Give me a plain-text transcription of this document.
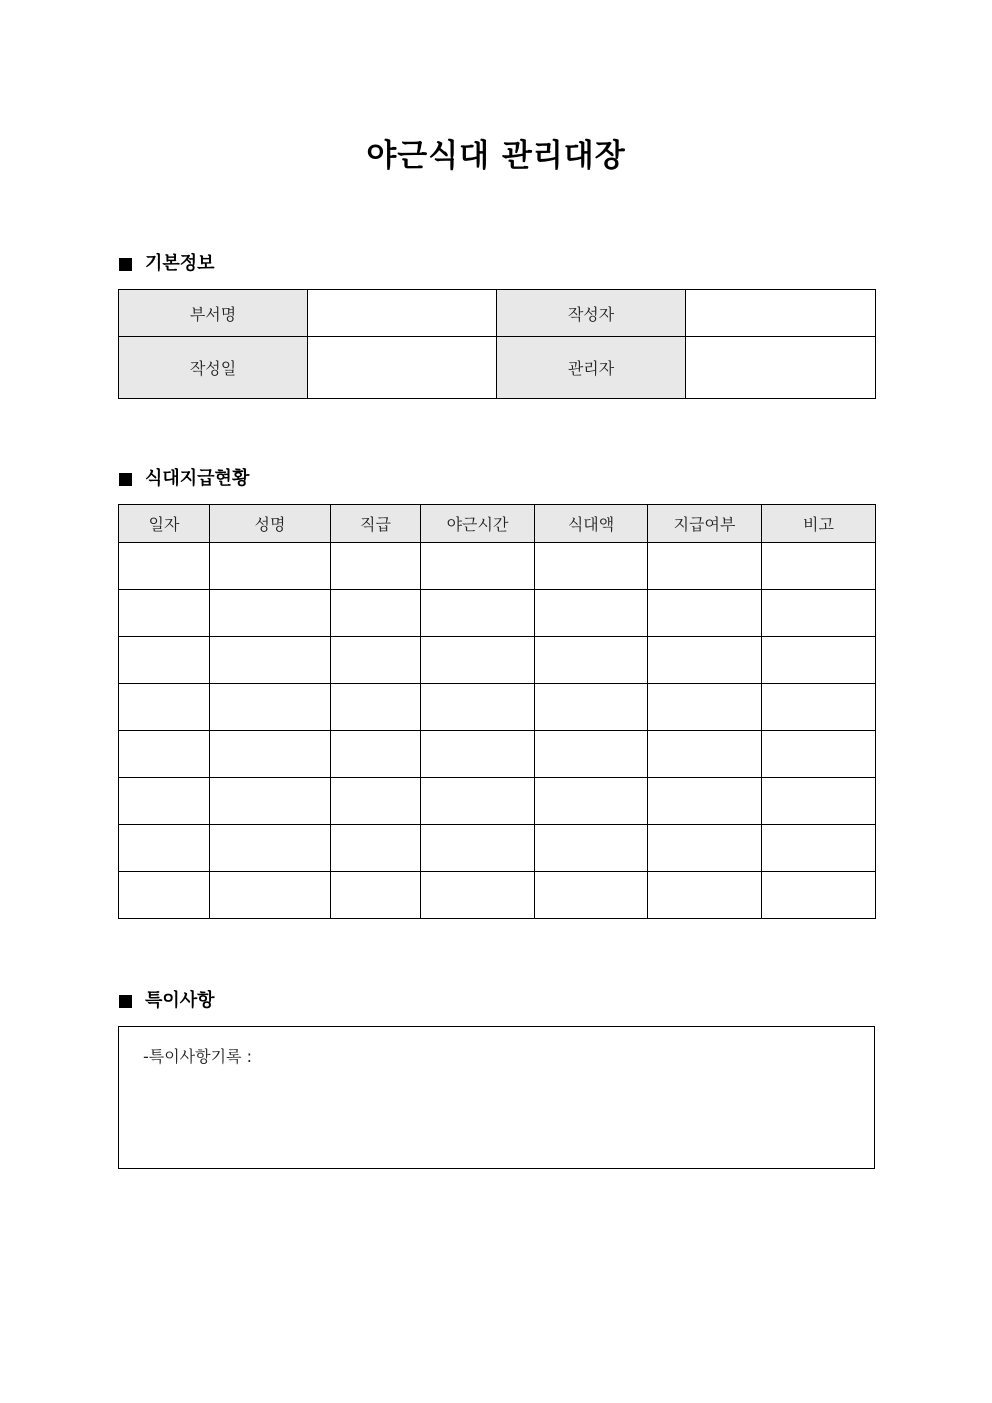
야근식대 관리대장
기본정보
부서명		작성자	
작성일		관리자	
식대지급현황
일자	성명	직급	야근시간	식대액	지급여부	비고

특이사항
-특이사항기록 :
